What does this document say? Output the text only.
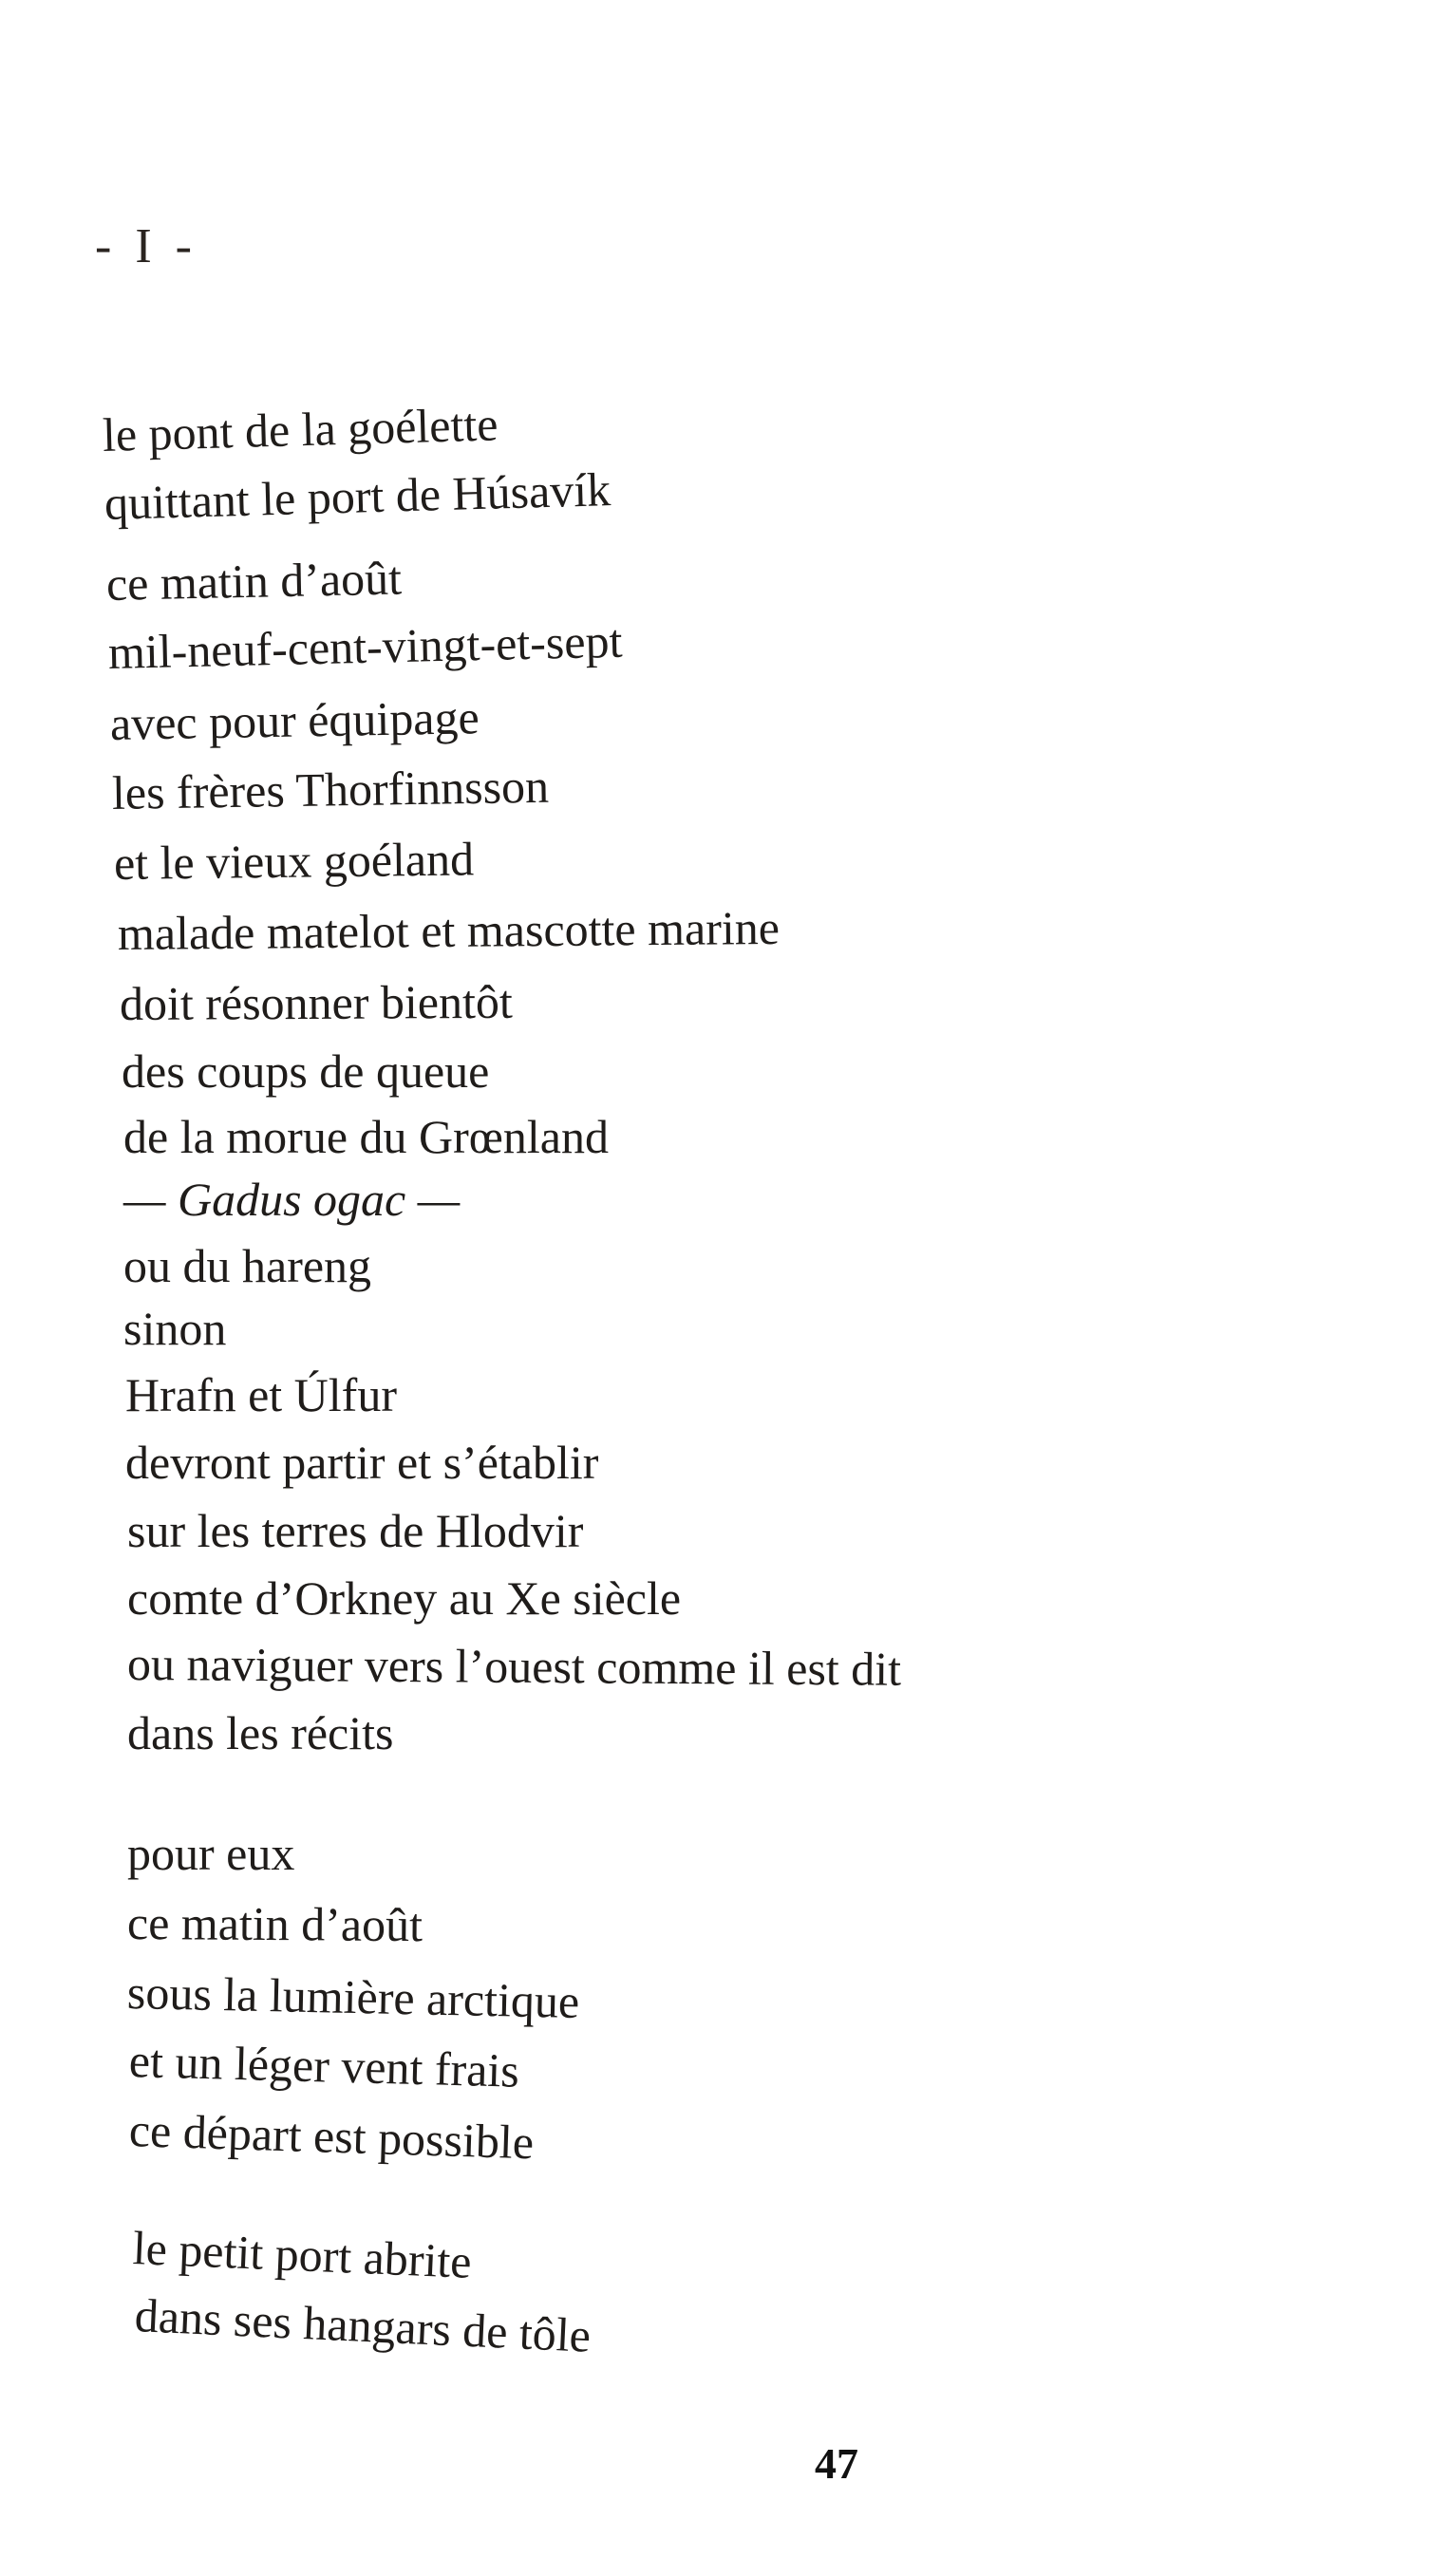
- I -
le pont de la goélette
quittant le port de Húsavík
ce matin d’août
mil-neuf-cent-vingt-et-sept
avec pour équipage
les frères Thorfinnsson
et le vieux goéland
malade matelot et mascotte marine
doit résonner bientôt
des coups de queue
de la morue du Grœnland
— Gadus ogac —
ou du hareng
sinon
Hrafn et Úlfur
devront partir et s’établir
sur les terres de Hlodvir
comte d’Orkney au Xe siècle
ou naviguer vers l’ouest comme il est dit
dans les récits
pour eux
ce matin d’août
sous la lumière arctique
et un léger vent frais
ce départ est possible
le petit port abrite
dans ses hangars de tôle
47
